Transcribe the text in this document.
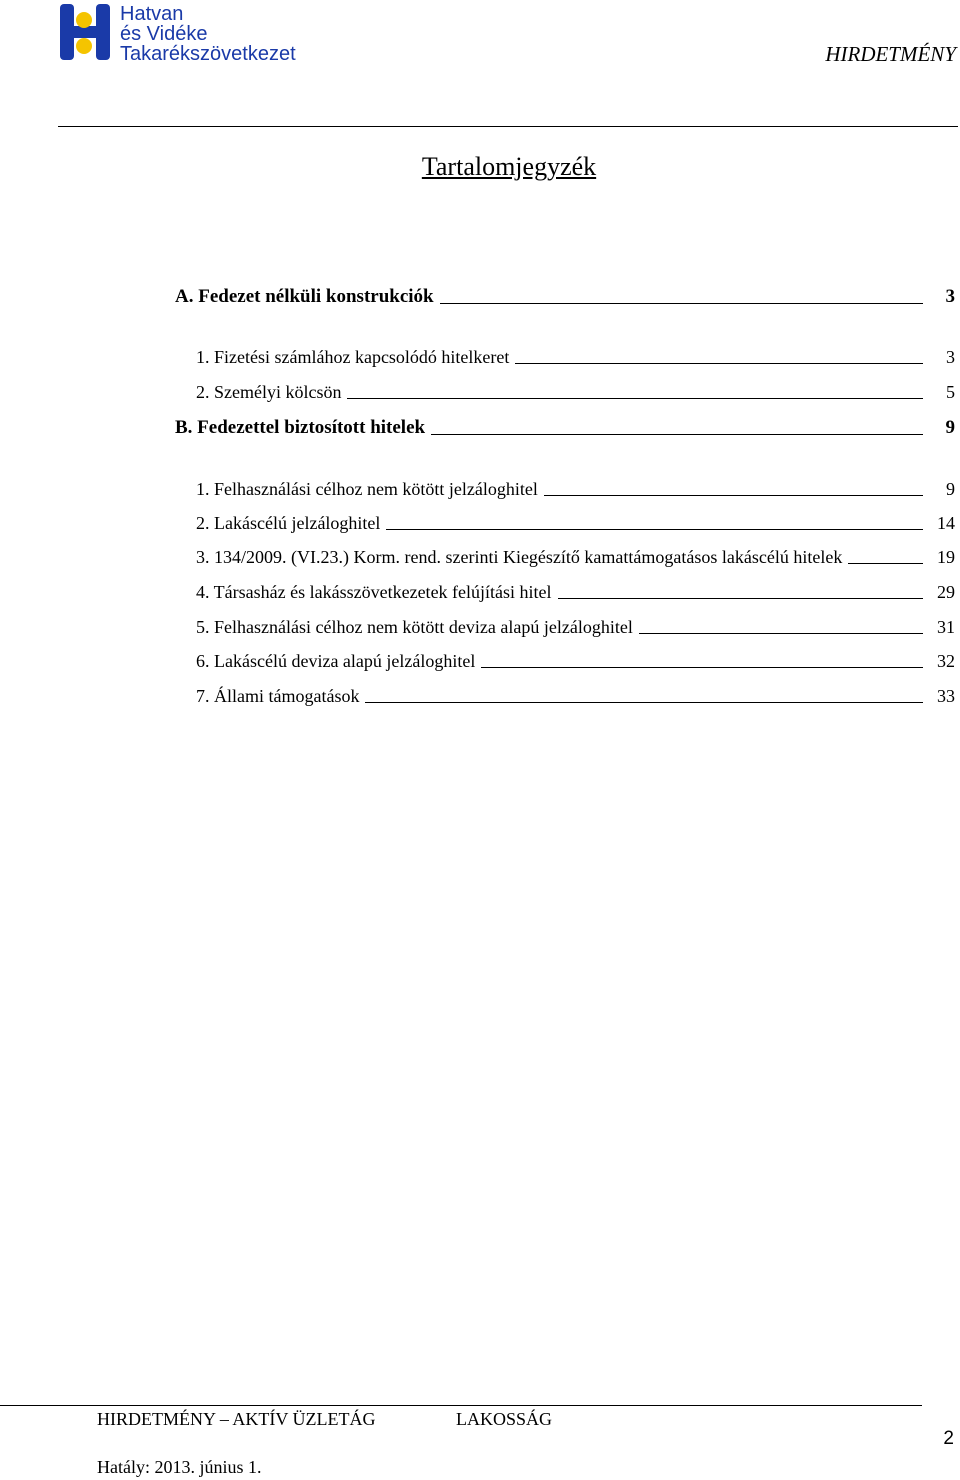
Hatvan
és Vidéke
Takarékszövetkezet	HIRDETMÉNY
Tartalomjegyzék
A. Fedezet nélküli konstrukciók	3
1. Fizetési számlához kapcsolódó hitelkeret	3
2. Személyi kölcsön	5
B. Fedezettel biztosított hitelek	9
1. Felhasználási célhoz nem kötött jelzáloghitel	9
2. Lakáscélú jelzáloghitel	14
3. 134/2009. (VI.23.) Korm. rend. szerinti Kiegészítő kamattámogatásos lakáscélú hitelek	19
4. Társasház és lakásszövetkezetek felújítási hitel	29
5. Felhasználási célhoz nem kötött deviza alapú jelzáloghitel	31
6. Lakáscélú deviza alapú jelzáloghitel	32
7. Állami támogatások	33
HIRDETMÉNY – AKTÍV ÜZLETÁG	LAKOSSÁG
2
Hatály: 2013. június 1.
